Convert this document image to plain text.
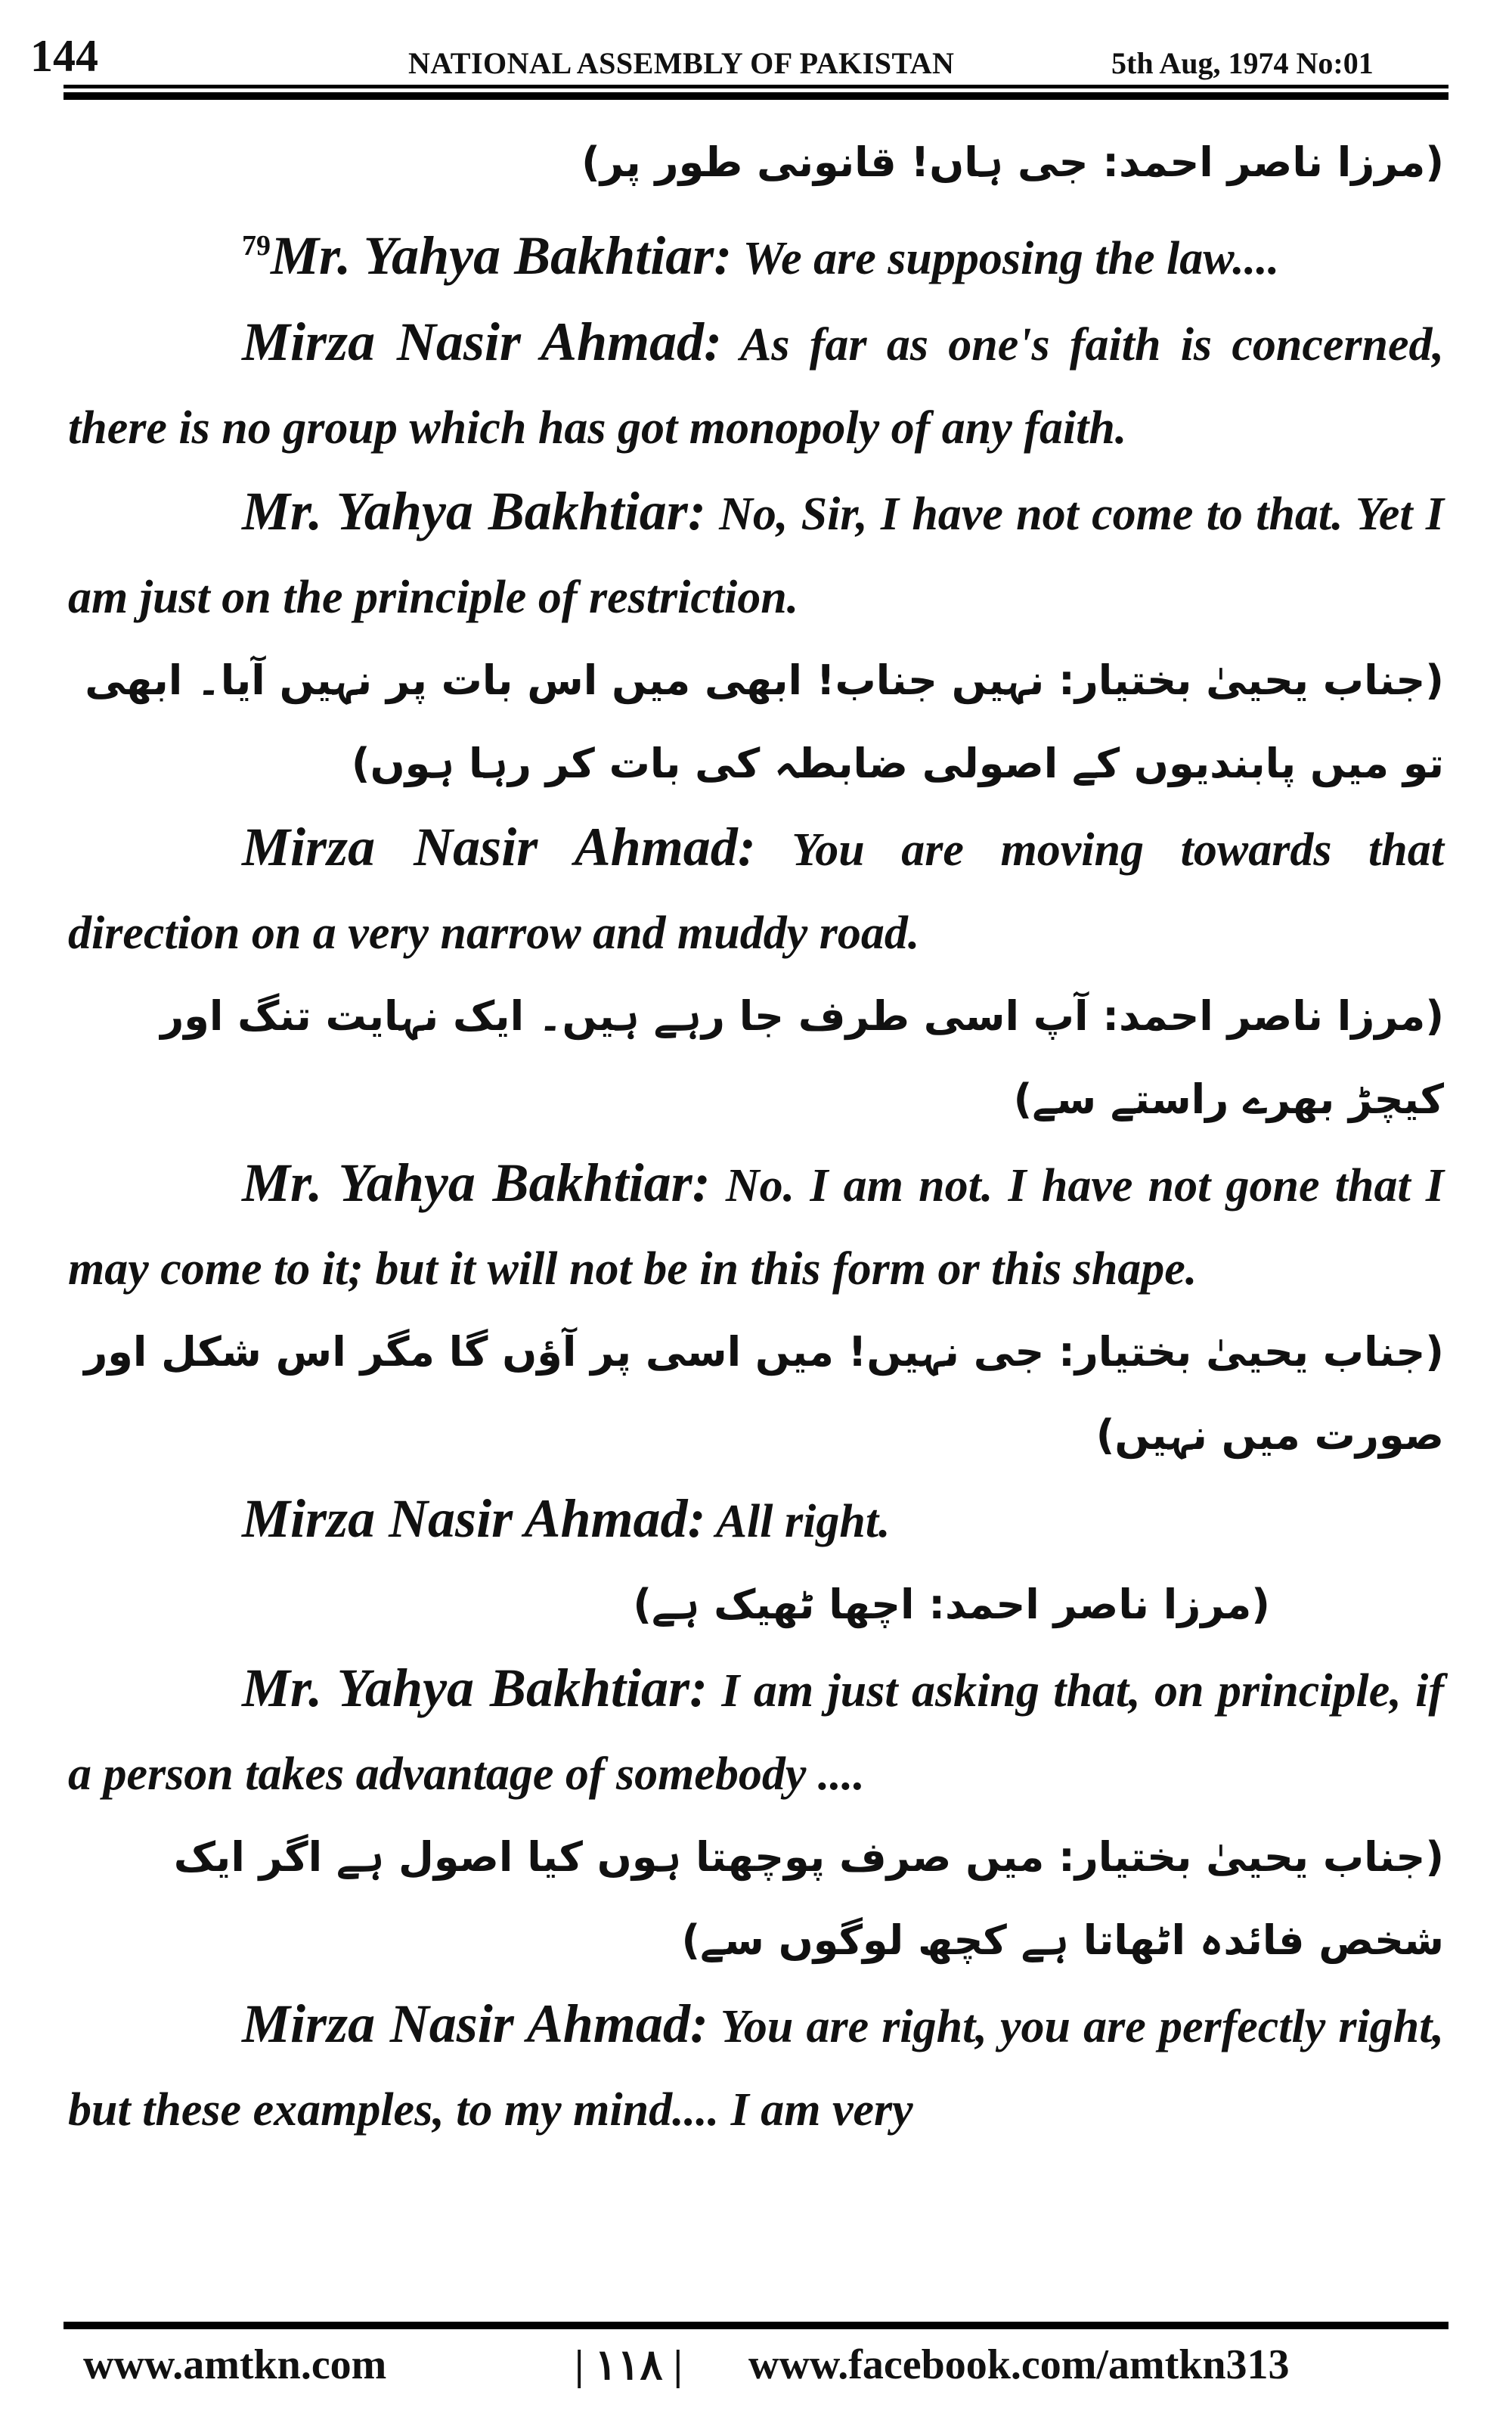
144	NATIONAL ASSEMBLY OF PAKISTAN	5th Aug, 1974 No:01

(مرزا ناصر احمد: جی ہاں! قانونی طور پر)

$^{79}$Mr. Yahya Bakhtiar: We are supposing the law....

Mirza Nasir Ahmad: As far as one's faith is concerned, there is no group which has got monopoly of any faith.

Mr. Yahya Bakhtiar: No, Sir, I have not come to that. Yet I am just on the principle of restriction.

(جناب یحییٰ بختیار: نہیں جناب! ابھی میں اس بات پر نہیں آیا۔ ابھی تو میں پابندیوں کے اصولی ضابطہ کی بات کر رہا ہوں)

Mirza Nasir Ahmad: You are moving towards that direction on a very narrow and muddy road.

(مرزا ناصر احمد: آپ اسی طرف جا رہے ہیں۔ ایک نہایت تنگ اور کیچڑ بھرے راستے سے)

Mr. Yahya Bakhtiar: No. I am not. I have not gone that I may come to it; but it will not be in this form or this shape.

(جناب یحییٰ بختیار: جی نہیں! میں اسی پر آؤں گا مگر اس شکل اور صورت میں نہیں)

Mirza Nasir Ahmad: All right.

(مرزا ناصر احمد: اچھا ٹھیک ہے)

Mr. Yahya Bakhtiar: I am just asking that, on principle, if a person takes advantage of somebody ....

(جناب یحییٰ بختیار: میں صرف پوچھتا ہوں کیا اصول ہے اگر ایک شخص فائدہ اٹھاتا ہے کچھ لوگوں سے)

Mirza Nasir Ahmad: You are right, you are perfectly right, but these examples, to my mind.... I am very

www.amtkn.com	| ۱۱۸ | www.facebook.com/amtkn313
